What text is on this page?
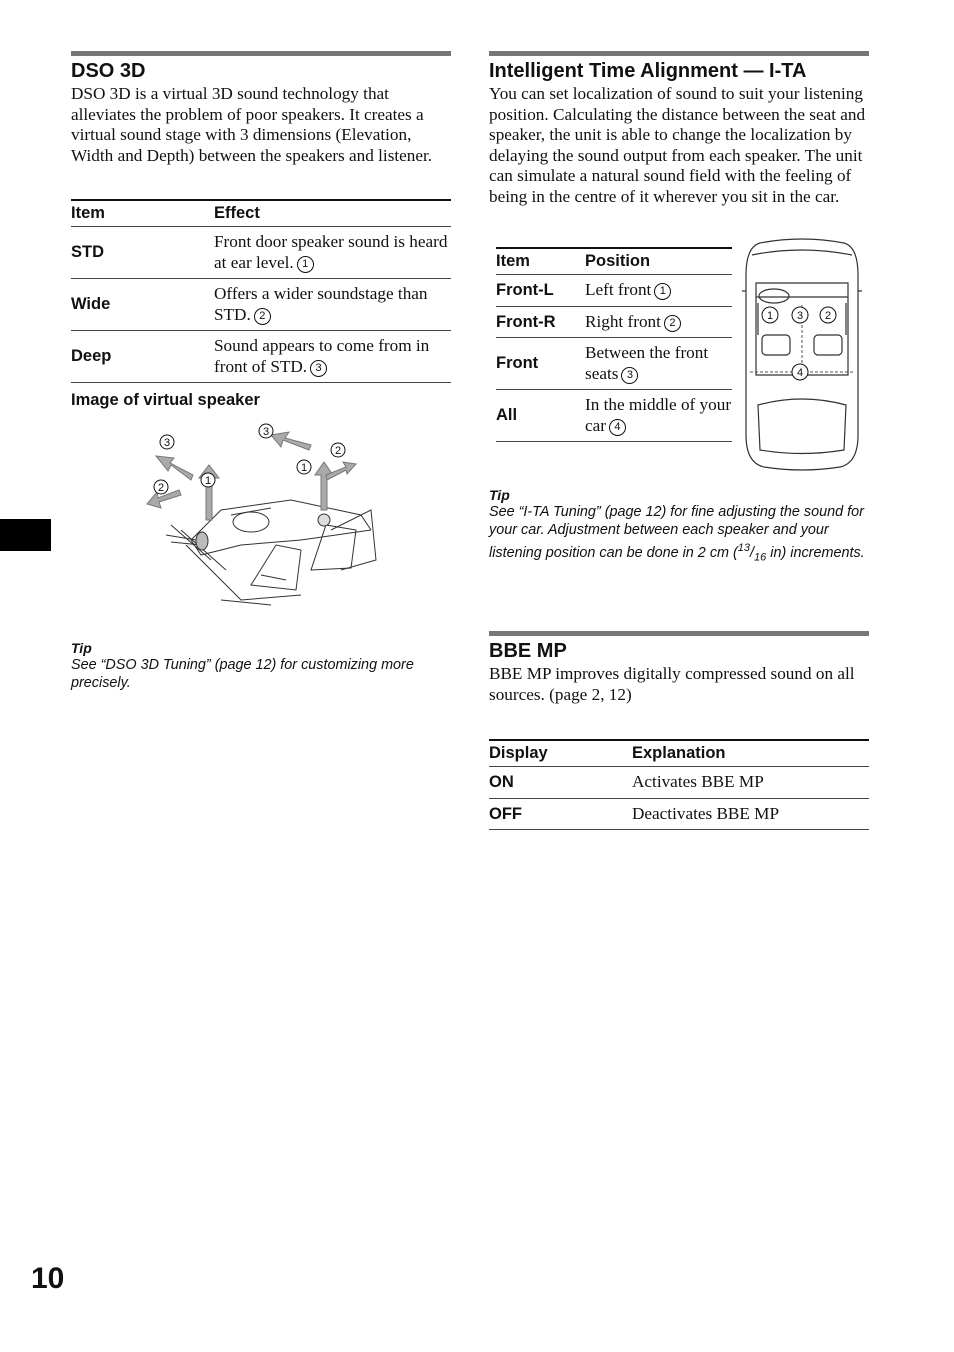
DSO 3D

DSO 3D is a virtual 3D sound technology that alleviates the problem of poor speakers. It creates a virtual sound stage with 3 dimensions (Elevation, Width and Depth) between the speakers and listener.

Item	Effect
STD	Front door speaker sound is heard at ear level. 1
Wide	Offers a wider soundstage than STD. 2
Deep	Sound appears to come from in front of STD. 3
Image of virtual speaker
1
2
3
1
2
3
Tip
See “DSO 3D Tuning” (page 12) for customizing more precisely.
Intelligent Time Alignment — I-TA

You can set localization of sound to suit your listening position. Calculating the distance between the seat and speaker, the unit is able to change the localization by delaying the sound output from each speaker. The unit can simulate a natural sound field with the feeling of being in the centre of it wherever you sit in the car.

Item	Position
Front-L	Left front 1
Front-R	Right front 2
Front	Between the front seats 3
All	In the middle of your car 4
1 3 2
4
Tip
See “I-TA Tuning” (page 12) for fine adjusting the sound for your car. Adjustment between each speaker and your listening position can be done in 2 cm ($^{13}/_{16}$ in) increments.
BBE MP

BBE MP improves digitally compressed sound on all sources. (page 2, 12)

Display	Explanation
ON	Activates BBE MP
OFF	Deactivates BBE MP
10
